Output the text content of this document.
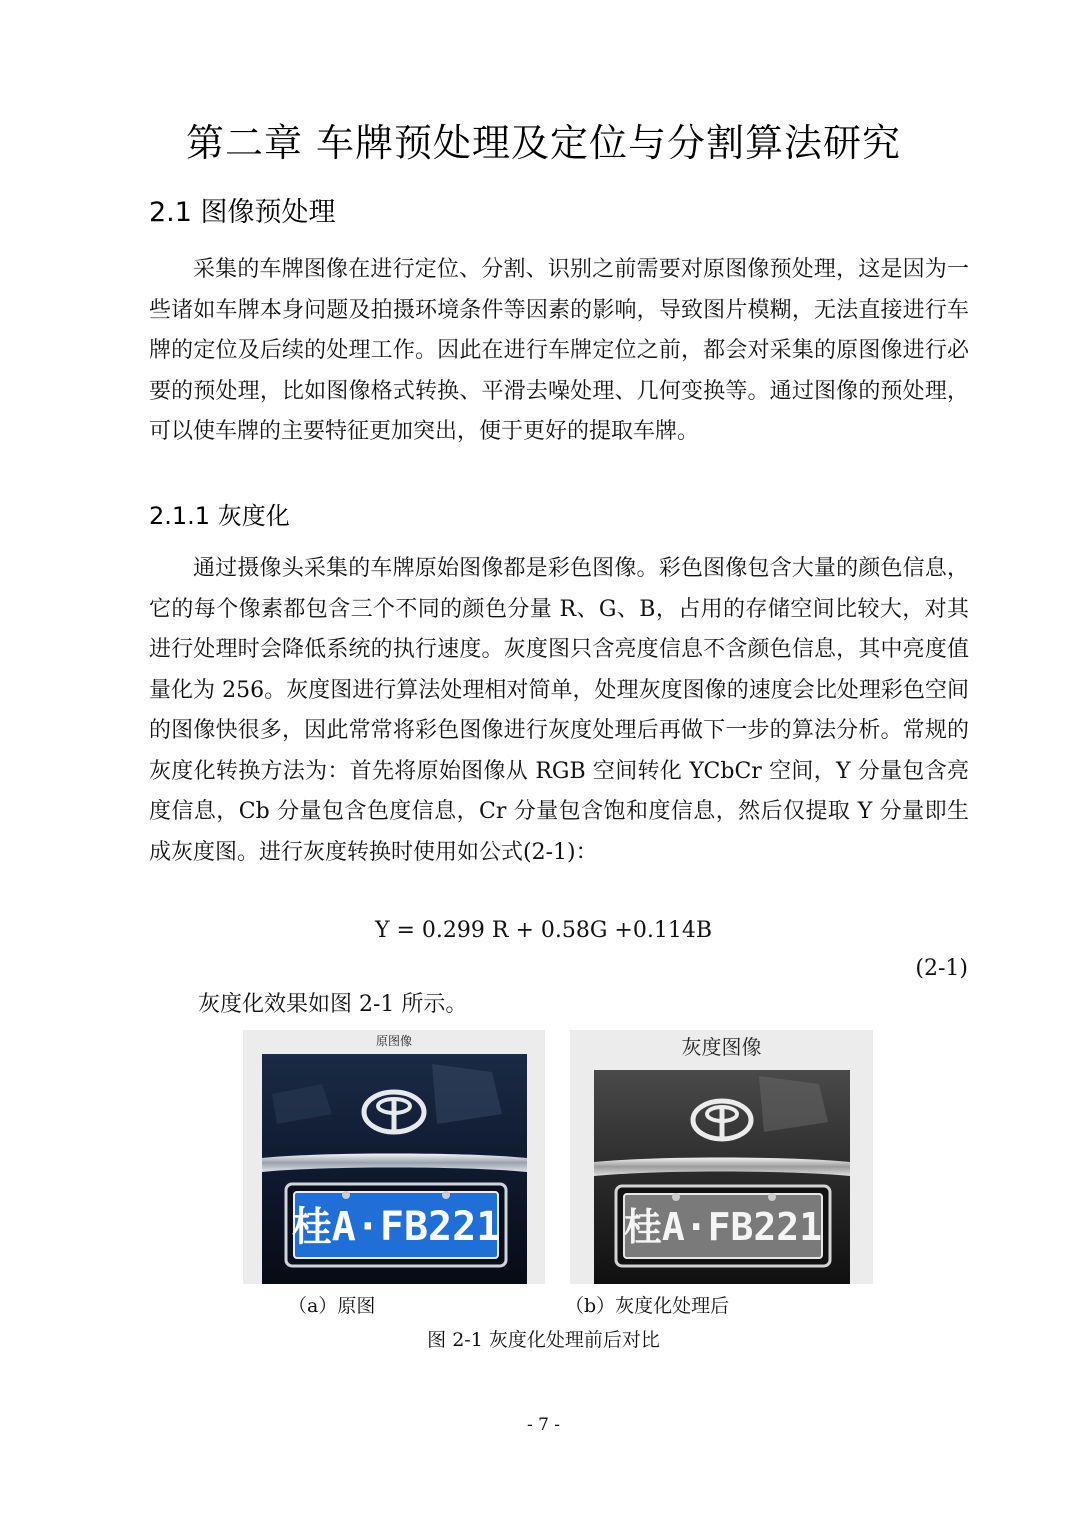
第二章 车牌预处理及定位与分割算法研究
2.1 图像预处理

采集的车牌图像在进行定位、分割、识别之前需要对原图像预处理，这是因为一些诸如车牌本身问题及拍摄环境条件等因素的影响，导致图片模糊，无法直接进行车牌的定位及后续的处理工作。因此在进行车牌定位之前，都会对采集的原图像进行必要的预处理，比如图像格式转换、平滑去噪处理、几何变换等。通过图像的预处理，可以使车牌的主要特征更加突出，便于更好的提取车牌。

2.1.1 灰度化

通过摄像头采集的车牌原始图像都是彩色图像。彩色图像包含大量的颜色信息，它的每个像素都包含三个不同的颜色分量 R、G、B，占用的存储空间比较大，对其进行处理时会降低系统的执行速度。灰度图只含亮度信息不含颜色信息，其中亮度值量化为 256。灰度图进行算法处理相对简单，处理灰度图像的速度会比处理彩色空间的图像快很多，因此常常将彩色图像进行灰度处理后再做下一步的算法分析。常规的灰度化转换方法为：首先将原始图像从 RGB 空间转化 YCbCr 空间，Y 分量包含亮度信息，Cb 分量包含色度信息，Cr 分量包含饱和度信息，然后仅提取 Y 分量即生成灰度图。进行灰度转换时使用如公式(2-1)：

Y = 0.299 R + 0.58G +0.114B
(2-1)
灰度化效果如图 2-1 所示。
原图像
桂A·FB221
灰度图像
桂A·FB221
（a）原图	（b）灰度化处理后
图 2-1 灰度化处理前后对比
- 7 -
